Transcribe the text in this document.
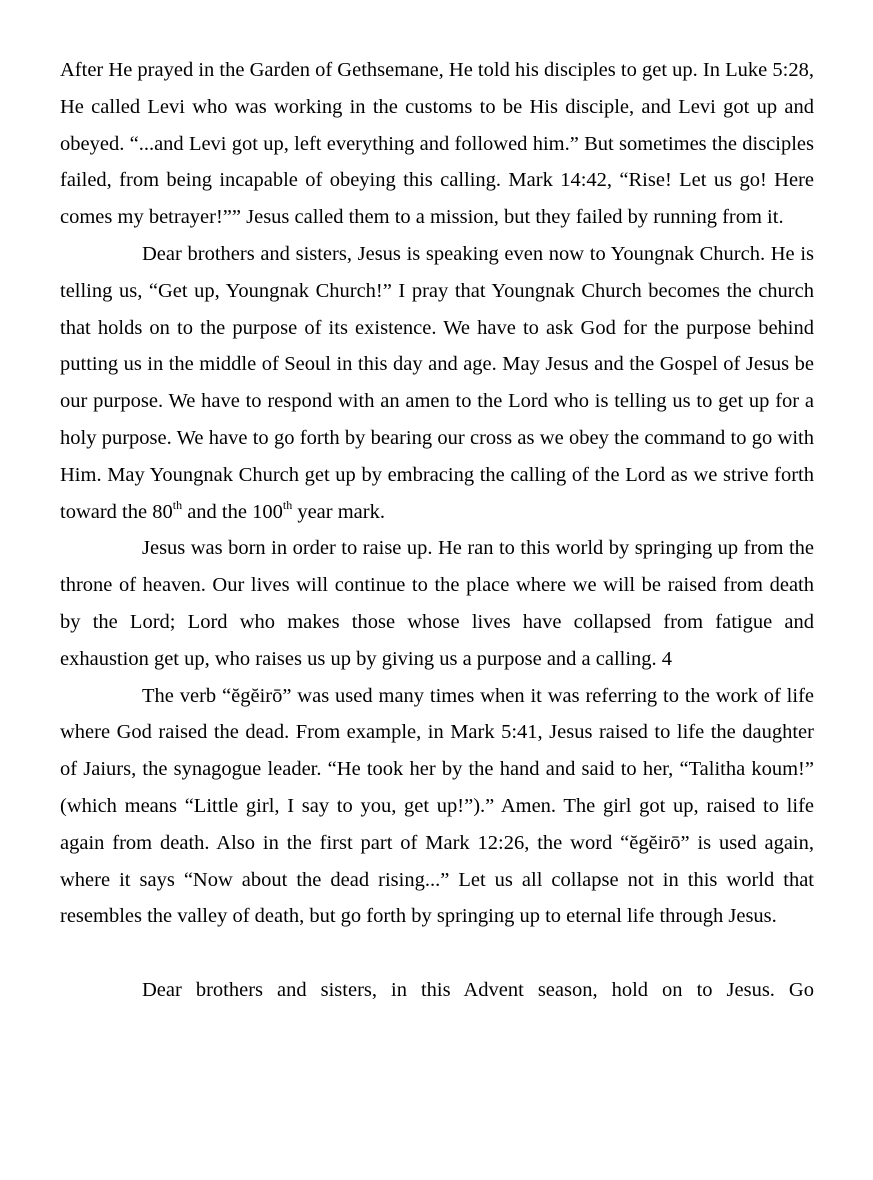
After He prayed in the Garden of Gethsemane, He told his disciples to get up. In Luke 5:28, He called Levi who was working in the customs to be His disciple, and Levi got up and obeyed. “...and Levi got up, left everything and followed him.” But sometimes the disciples failed, from being incapable of obeying this calling. Mark 14:42, “Rise! Let us go! Here comes my betrayer!”” Jesus called them to a mission, but they failed by running from it.

Dear brothers and sisters, Jesus is speaking even now to Youngnak Church. He is telling us, “Get up, Youngnak Church!” I pray that Youngnak Church becomes the church that holds on to the purpose of its existence. We have to ask God for the purpose behind putting us in the middle of Seoul in this day and age. May Jesus and the Gospel of Jesus be our purpose. We have to respond with an amen to the Lord who is telling us to get up for a holy purpose. We have to go forth by bearing our cross as we obey the command to go with Him. May Youngnak Church get up by embracing the calling of the Lord as we strive forth toward the 80th and the 100th year mark.

Jesus was born in order to raise up. He ran to this world by springing up from the throne of heaven. Our lives will continue to the place where we will be raised from death by the Lord; Lord who makes those whose lives have collapsed from fatigue and exhaustion get up, who raises us up by giving us a purpose and a calling. 4

The verb “ĕgĕirō” was used many times when it was referring to the work of life where God raised the dead. From example, in Mark 5:41, Jesus raised to life the daughter of Jaiurs, the synagogue leader. “He took her by the hand and said to her, “Talitha koum!” (which means “Little girl, I say to you, get up!”).” Amen. The girl got up, raised to life again from death. Also in the first part of Mark 12:26, the word “ĕgĕirō” is used again, where it says “Now about the dead rising...” Let us all collapse not in this world that resembles the valley of death, but go forth by springing up to eternal life through Jesus.

Dear brothers and sisters, in this Advent season, hold on to Jesus. Go
